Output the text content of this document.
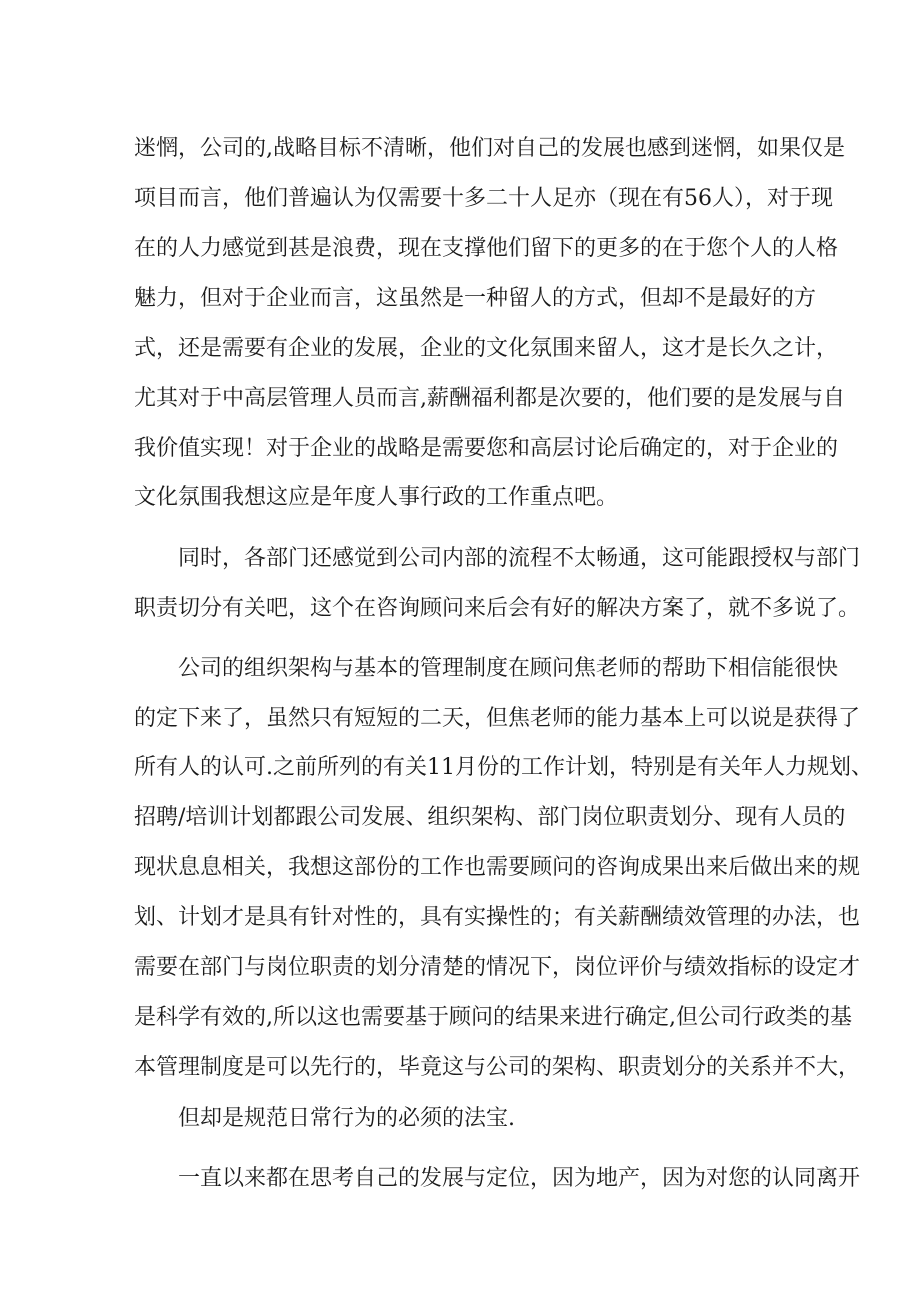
迷惘，公司的,战略目标不清晰，他们对自己的发展也感到迷惘，如果仅是

项目而言，他们普遍认为仅需要十多二十人足亦（现在有56人），对于现

在的人力感觉到甚是浪费，现在支撑他们留下的更多的在于您个人的人格

魅力，但对于企业而言，这虽然是一种留人的方式，但却不是最好的方

式，还是需要有企业的发展，企业的文化氛围来留人，这才是长久之计，

尤其对于中高层管理人员而言,薪酬福利都是次要的，他们要的是发展与自

我价值实现！对于企业的战略是需要您和高层讨论后确定的，对于企业的

文化氛围我想这应是年度人事行政的工作重点吧。

同时，各部门还感觉到公司内部的流程不太畅通，这可能跟授权与部门

职责切分有关吧，这个在咨询顾问来后会有好的解决方案了，就不多说了。

公司的组织架构与基本的管理制度在顾问焦老师的帮助下相信能很快

的定下来了，虽然只有短短的二天，但焦老师的能力基本上可以说是获得了

所有人的认可.之前所列的有关11月份的工作计划，特别是有关年人力规划、

招聘/培训计划都跟公司发展、组织架构、部门岗位职责划分、现有人员的

现状息息相关，我想这部份的工作也需要顾问的咨询成果出来后做出来的规

划、计划才是具有针对性的，具有实操性的；有关薪酬绩效管理的办法，也

需要在部门与岗位职责的划分清楚的情况下，岗位评价与绩效指标的设定才

是科学有效的,所以这也需要基于顾问的结果来进行确定,但公司行政类的基

本管理制度是可以先行的，毕竟这与公司的架构、职责划分的关系并不大，

但却是规范日常行为的必须的法宝.

一直以来都在思考自己的发展与定位，因为地产，因为对您的认同离开
